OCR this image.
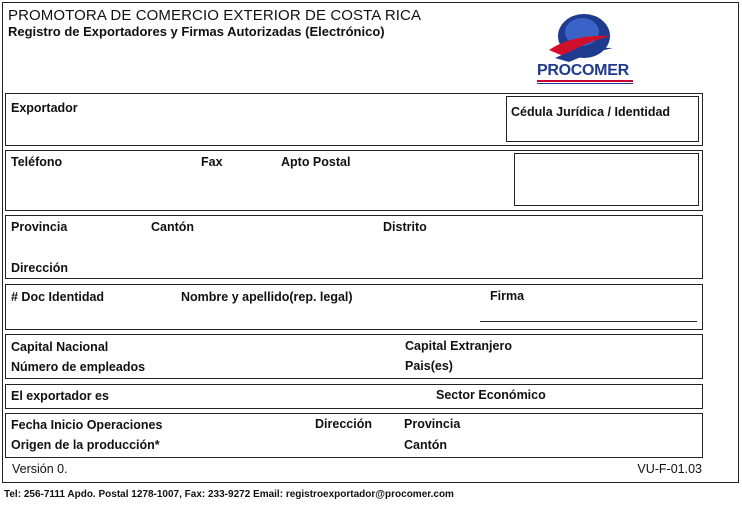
PROMOTORA DE COMERCIO EXTERIOR DE COSTA RICA
Registro de Exportadores y Firmas Autorizadas (Electrónico)
PROCOMER
Exportador	Cédula Jurídica / Identidad
Teléfono	Fax	Apto Postal
Provincia	Cantón	Distrito
Dirección
# Doc Identidad	Nombre y apellido(rep. legal)	Firma
Capital Nacional	Capital Extranjero
Número de empleados	Pais(es)
El exportador es	Sector Económico
Fecha Inicio Operaciones	Dirección	Provincia
Origen de la producción*	Cantón
Versión 0.	VU-F-01.03
Tel: 256-7111 Apdo. Postal 1278-1007, Fax: 233-9272 Email: registroexportador@procomer.com
